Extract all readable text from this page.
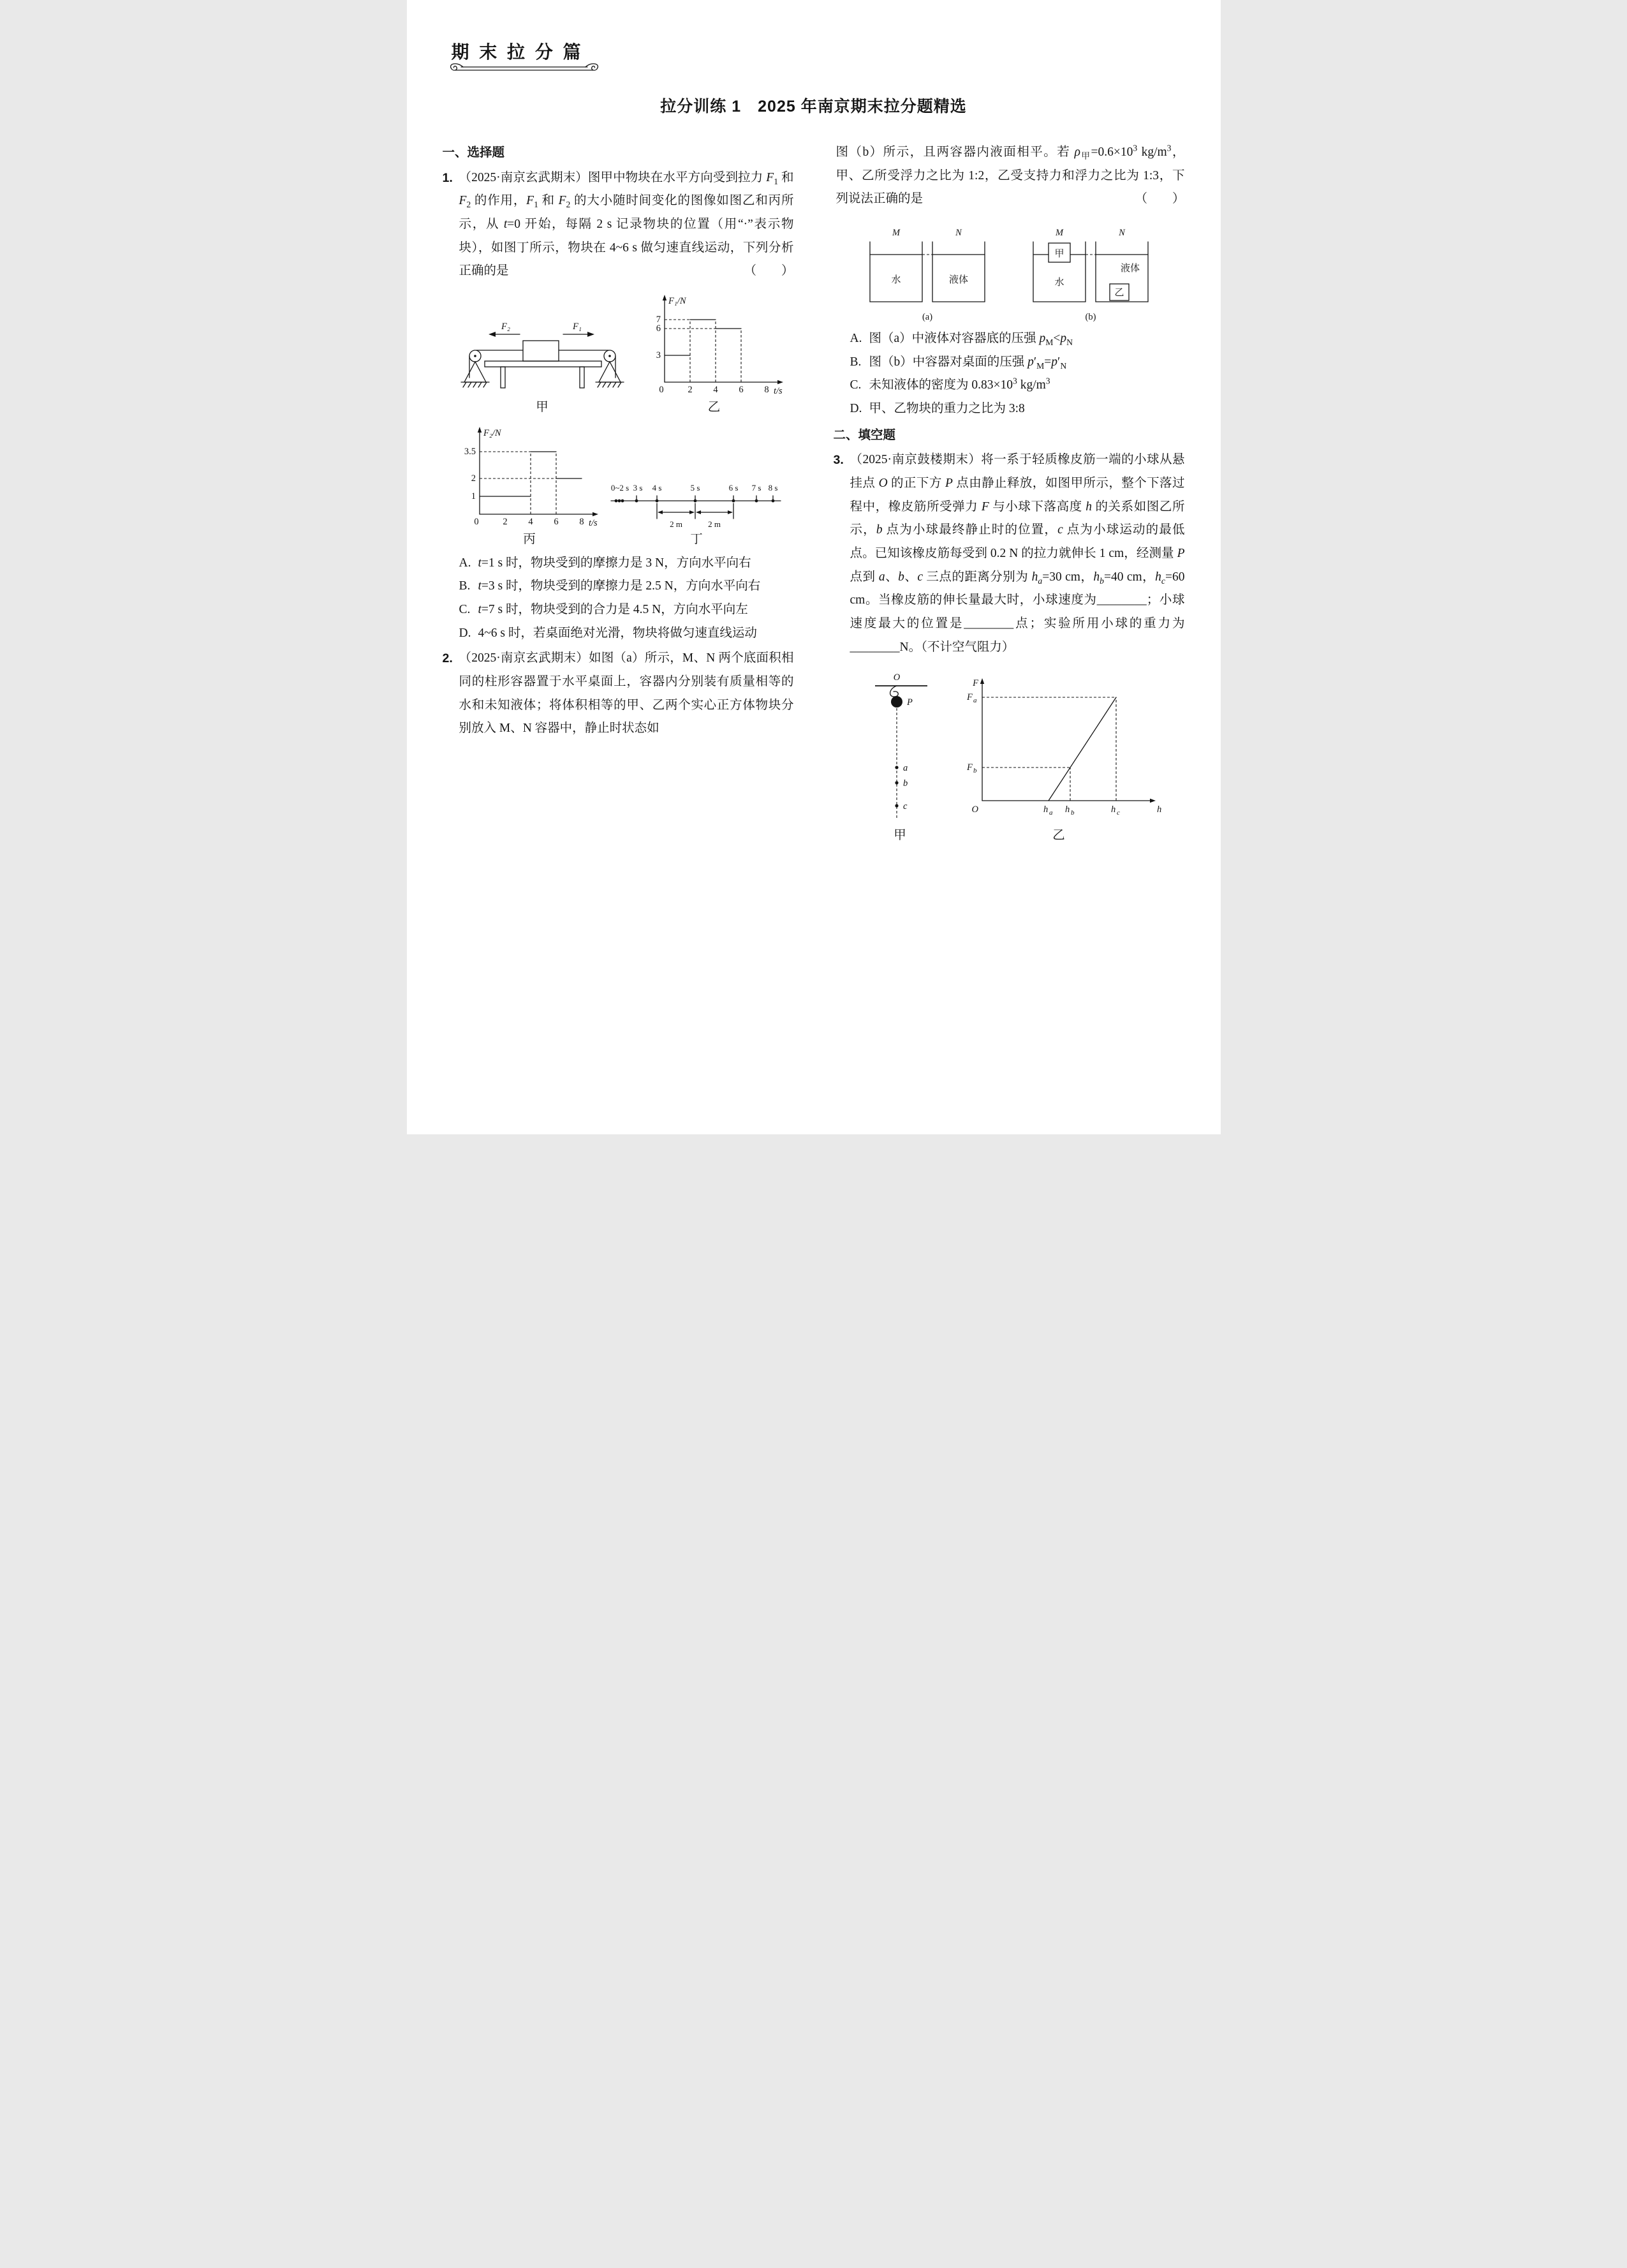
期 末 拉 分 篇
拉分训练 1　2025 年南京期末拉分题精选
一、选择题
1. （2025·南京玄武期末）图甲中物块在水平方向受到拉力 $F_1$ 和 $F_2$ 的作用，$F_1$ 和 $F_2$ 的大小随时间变化的图像如图乙和丙所示，从 t=0 开始，每隔 2 s 记录物块的位置（用“·”表示物块），如图丁所示，物块在 4~6 s 做匀速直线运动，下列分析正确的是	（　　）
F₂	F₁
甲
F₁/N
t/s
7
6
3
0	2 4 6 8
乙
F₂/N
t/s
3.5
2
1
0	2 4 6 8
丙
0~2 s 3 s 4 s	5 s	6 s 7 s 8 s
2 m	2 m
丁
A. t=1 s 时，物块受到的摩擦力是 3 N，方向水平向右
B. t=3 s 时，物块受到的摩擦力是 2.5 N，方向水平向右
C. t=7 s 时，物块受到的合力是 4.5 N，方向水平向左
D. 4~6 s 时，若桌面绝对光滑，物块将做匀速直线运动
2. （2025·南京玄武期末）如图（a）所示，M、N 两个底面积相同的柱形容器置于水平桌面上，容器内分别装有质量相等的水和未知液体；将体积相等的甲、乙两个实心正方体物块分别放入 M、N 容器中，静止时状态如
图（b）所示，且两容器内液面相平。若 $\rho_甲=0.6\times 10^3$ $kg/m^3$，甲、乙所受浮力之比为 1:2，乙受支持力和浮力之比为 1:3，下列说法正确的是	（　　）
M	N
水	液体
(a)
M	N
甲
水
液体
乙
(b)
A. 图（a）中液体对容器底的压强 $p_M<p_N$
B. 图（b）中容器对桌面的压强 $p'_M=p'_N$
C. 未知液体的密度为 $0.83\times 10^3$ $kg/m^3$
D. 甲、乙物块的重力之比为 3:8
二、填空题
3. （2025·南京鼓楼期末）将一系于轻质橡皮筋一端的小球从悬挂点 O 的正下方 P 点由静止释放，如图甲所示，整个下落过程中，橡皮筋所受弹力 F 与小球下落高度 h 的关系如图乙所示，b 点为小球最终静止时的位置，c 点为小球运动的最低点。已知该橡皮筋每受到 0.2 N 的拉力就伸长 1 cm，经测量 P 点到 a、b、c 三点的距离分别为 $h_a=30$ cm，$h_b=40$ cm，$h_c=60$ cm。当橡皮筋的伸长量最大时，小球速度为________；小球速度最大的位置是________点；实验所用小球的重力为________N。（不计空气阻力）
O
P
a
b
c
甲
F
h
O
F a
F b
h a h b	h c
乙
